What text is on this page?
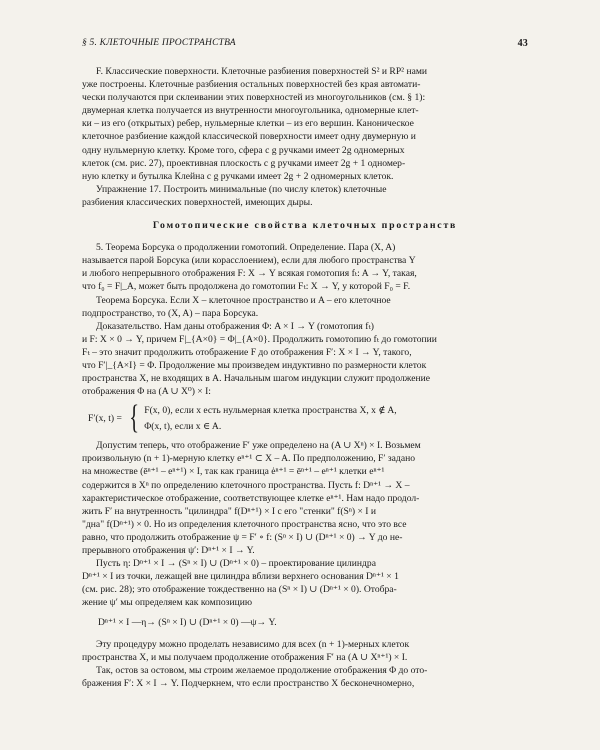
§ 5. КЛЕТОЧНЫЕ ПРОСТРАНСТВА	43

F. Классические поверхности. Клеточные разбиения поверхностей S² и RP² нами

уже построены. Клеточные разбиения остальных поверхностей без края автомати-

чески получаются при склеивании этих поверхностей из многоугольников (см. § 1):

двумерная клетка получается из внутренности многоугольника, одномерные клет-

ки – из его (открытых) ребер, нульмерные клетки – из его вершин. Каноническое

клеточное разбиение каждой классической поверхности имеет одну двумерную и

одну нульмерную клетку. Кроме того, сфера с g ручками имеет 2g одномерных

клеток (см. рис. 27), проективная плоскость с g ручками имеет 2g + 1 одномер-

ную клетку и бутылка Клейна с g ручками имеет 2g + 2 одномерных клеток.

Упражнение 17. Построить минимальные (по числу клеток) клеточные

разбиения классических поверхностей, имеющих дыры.

Гомотопические свойства клеточных пространств

5. Теорема Борсука о продолжении гомотопий. Определение. Пара (X, A)

называется парой Борсука (или корасслоением), если для любого пространства Y

и любого непрерывного отображения F: X → Y всякая гомотопия fₜ: A → Y, такая,

что f₀ = F|_A, может быть продолжена до гомотопии Fₜ: X → Y, у которой F₀ = F.

Теорема Борсука. Если X – клеточное пространство и A – его клеточное

подпространство, то (X, A) – пара Борсука.

Доказательство. Нам даны отображения Φ: A × I → Y (гомотопия fₜ)

и F: X × 0 → Y, причем F|_{A×0} = Φ|_{A×0}. Продолжить гомотопию fₜ до гомотопии

Fₜ – это значит продолжить отображение F до отображения F′: X × I → Y, такого,

что F′|_{A×I} = Φ. Продолжение мы произведем индуктивно по размерности клеток

пространства X, не входящих в A. Начальным шагом индукции служит продолжение

отображения Φ на (A ∪ X⁰) × I:

F′(x, t) = { F(x, 0), если x есть нульмерная клетка пространства X, x ∉ A,
Φ(x, t), если x ∈ A.

Допустим теперь, что отображение F′ уже определено на (A ∪ Xⁿ) × I. Возьмем

произвольную (n + 1)-мерную клетку eⁿ⁺¹ ⊂ X – A. По предположению, F′ задано

на множестве (ēⁿ⁺¹ – eⁿ⁺¹) × I, так как граница ėⁿ⁺¹ = ēⁿ⁺¹ – eⁿ⁺¹ клетки eⁿ⁺¹

содержится в Xⁿ по определению клеточного пространства. Пусть f: Dⁿ⁺¹ → X –

характеристическое отображение, соответствующее клетке eⁿ⁺¹. Нам надо продол-

жить F′ на внутренность "цилиндра" f(Dⁿ⁺¹) × I с его "стенки" f(Sⁿ) × I и

"дна" f(Dⁿ⁺¹) × 0. Но из определения клеточного пространства ясно, что это все

равно, что продолжить отображение ψ = F′ ∘ f: (Sⁿ × I) ∪ (Dⁿ⁺¹ × 0) → Y до не-

прерывного отображения ψ′: Dⁿ⁺¹ × I → Y.

Пусть η: Dⁿ⁺¹ × I → (Sⁿ × I) ∪ (Dⁿ⁺¹ × 0) – проектирование цилиндра

Dⁿ⁺¹ × I из точки, лежащей вне цилиндра вблизи верхнего основания Dⁿ⁺¹ × 1

(см. рис. 28); это отображение тождественно на (Sⁿ × I) ∪ (Dⁿ⁺¹ × 0). Отобра-

жение ψ′ мы определяем как композицию

Dⁿ⁺¹ × I —η→ (Sⁿ × I) ∪ (Dⁿ⁺¹ × 0) —ψ→ Y.

Эту процедуру можно проделать независимо для всех (n + 1)-мерных клеток

пространства X, и мы получаем продолжение отображения F′ на (A ∪ Xⁿ⁺¹) × I.

Так, остов за остовом, мы строим желаемое продолжение отображения Φ до ото-

бражения F′: X × I → Y. Подчеркнем, что если пространство X бесконечномерно,
